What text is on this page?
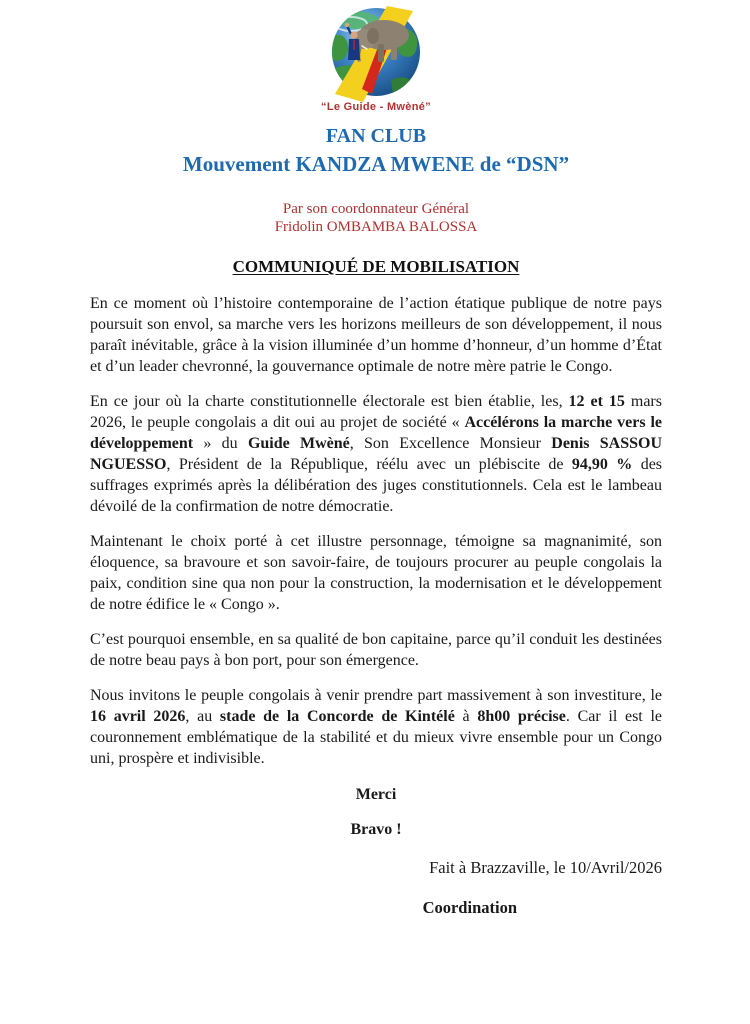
“Le Guide - Mwèné”
FAN CLUB
Mouvement KANDZA MWENE de “DSN”
Par son coordonnateur Général
Fridolin OMBAMBA BALOSSA
COMMUNIQUÉ DE MOBILISATION

En ce moment où l’histoire contemporaine de l’action étatique publique de notre pays poursuit son envol, sa marche vers les horizons meilleurs de son développement, il nous paraît inévitable, grâce à la vision illuminée d’un homme d’honneur, d’un homme d’État et d’un leader chevronné, la gouvernance optimale de notre mère patrie le Congo.

En ce jour où la charte constitutionnelle électorale est bien établie, les, 12 et 15 mars 2026, le peuple congolais a dit oui au projet de société « Accélérons la marche vers le développement » du Guide Mwèné, Son Excellence Monsieur Denis SASSOU NGUESSO, Président de la République, réélu avec un plébiscite de 94,90 % des suffrages exprimés après la délibération des juges constitutionnels. Cela est le lambeau dévoilé de la confirmation de notre démocratie.

Maintenant le choix porté à cet illustre personnage, témoigne sa magnanimité, son éloquence, sa bravoure et son savoir-faire, de toujours procurer au peuple congolais la paix, condition sine qua non pour la construction, la modernisation et le développement de notre édifice le « Congo ».

C’est pourquoi ensemble, en sa qualité de bon capitaine, parce qu’il conduit les destinées de notre beau pays à bon port, pour son émergence.

Nous invitons le peuple congolais à venir prendre part massivement à son investiture, le 16 avril 2026, au stade de la Concorde de Kintélé à 8h00 précise. Car il est le couronnement emblématique de la stabilité et du mieux vivre ensemble pour un Congo uni, prospère et indivisible.

Merci

Bravo !

Fait à Brazzaville, le 10/Avril/2026

Coordination
